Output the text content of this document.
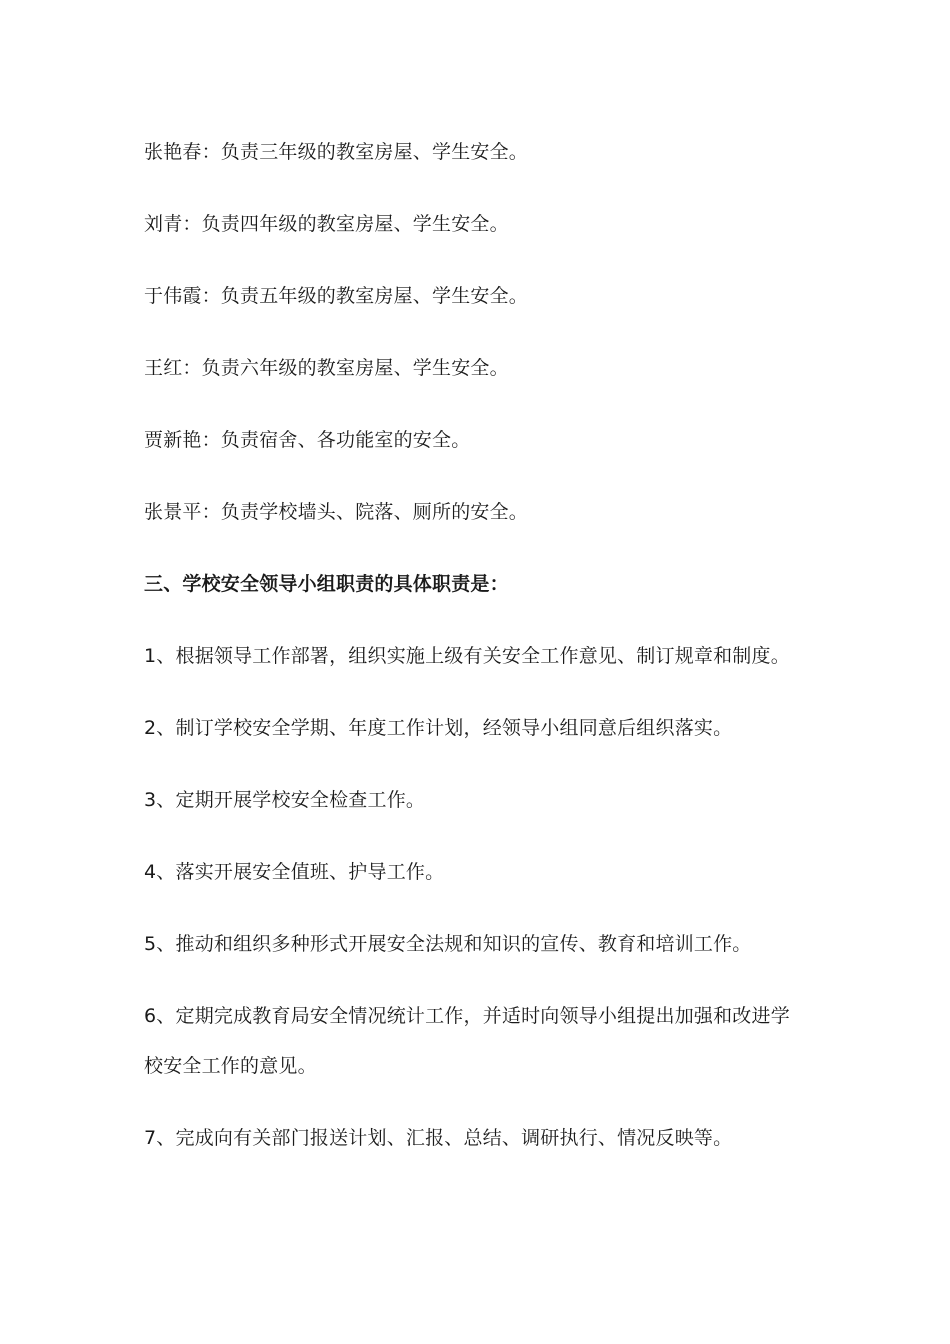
张艳春：负责三年级的教室房屋、学生安全。
刘青：负责四年级的教室房屋、学生安全。
于伟霞：负责五年级的教室房屋、学生安全。
王红：负责六年级的教室房屋、学生安全。
贾新艳：负责宿舍、各功能室的安全。
张景平：负责学校墙头、院落、厕所的安全。
三、学校安全领导小组职责的具体职责是：
1、根据领导工作部署，组织实施上级有关安全工作意见、制订规章和制度。
2、制订学校安全学期、年度工作计划，经领导小组同意后组织落实。
3、定期开展学校安全检查工作。
4、落实开展安全值班、护导工作。
5、推动和组织多种形式开展安全法规和知识的宣传、教育和培训工作。
6、定期完成教育局安全情况统计工作，并适时向领导小组提出加强和改进学
校安全工作的意见。
7、完成向有关部门报送计划、汇报、总结、调研执行、情况反映等。
